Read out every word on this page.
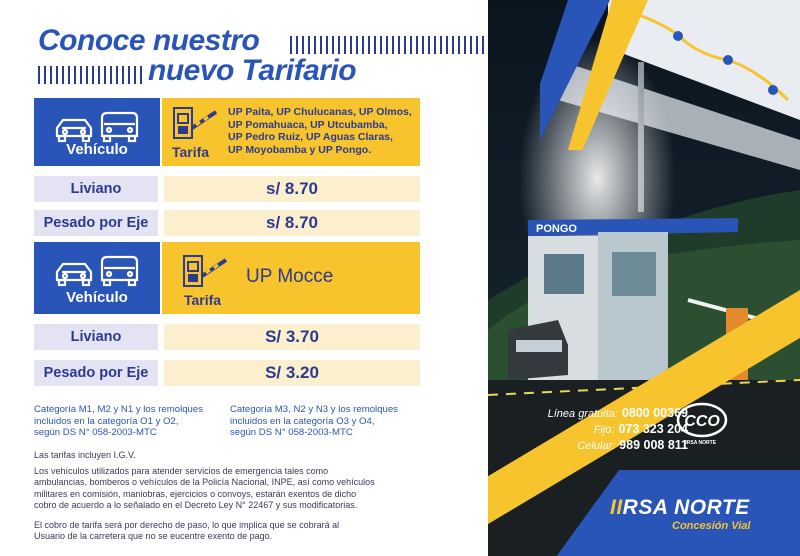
Conoce nuestro
nuevo Tarifario
Vehículo	Tarifa
UP Paita, UP Chulucanas, UP Olmos,
UP Pomahuaca, UP Utcubamba,
UP Pedro Ruiz, UP Aguas Claras,
UP Moyobamba y UP Pongo.
Liviano	s/ 8.70
Pesado por Eje	s/ 8.70
Vehículo	Tarifa
UP Mocce
Liviano	S/ 3.70
Pesado por Eje	S/ 3.20
Categoría M1, M2 y N1 y los remolques
incluidos en la categoría O1 y O2,
según DS N° 058-2003-MTC
Categoría M3, N2 y N3 y los remolques
incluidos en la categoría O3 y O4,
según DS N° 058-2003-MTC
Las tarifas incluyen I.G.V.
Los vehículos utilizados para atender servicios de emergencia tales como
ambulancias, bomberos o vehículos de la Policía Nacional, INPE, así como vehículos
militares en comisión, maniobras, ejercicios o convoys, estarán exentos de dicho
cobro de acuerdo a lo señalado en el Decreto Ley N° 22467 y sus modificatorias.
El cobro de tarifa será por derecho de paso, lo que implica que se cobrará al
Usuario de la carretera que no se eucentre exento de pago.
PONGO
Línea gratuita: 0800 00369
Fijo: 073 323 204
Celular: 989 008 811
CCO
IIRSA NORTE
IIRSA NORTE
Concesión Vial
